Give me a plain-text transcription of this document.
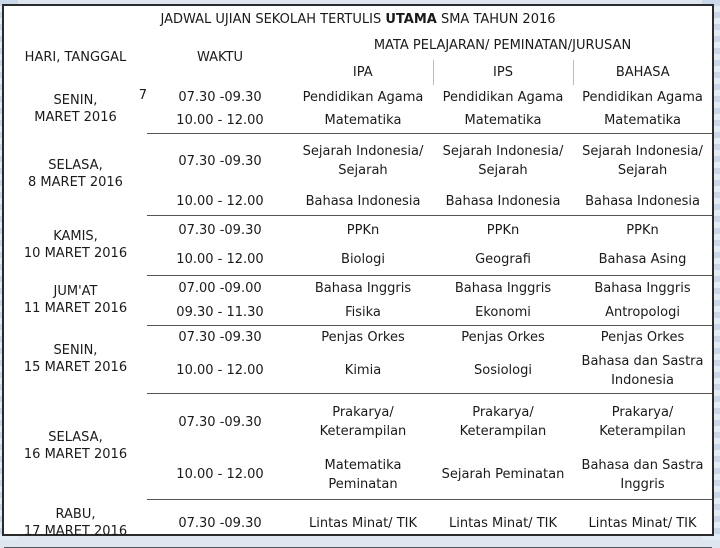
JADWAL UJIAN SEKOLAH TERTULIS UTAMA SMA TAHUN 2016
HARI, TANGGAL	WAKTU	MATA PELAJARAN/ PEMINATAN/JURUSAN		
		IPA	IPS	BAHASA

SENIN,
MARET 2016
7	07.30 -09.30	Pendidikan Agama	Pendidikan Agama	Pendidikan Agama

	10.00 - 12.00	Matematika	Matematika	Matematika

SELASA,
8 MARET 2016	07.30 -09.30	Sejarah Indonesia/ Sejarah	Sejarah Indonesia/ Sejarah	Sejarah Indonesia/ Sejarah

	10.00 - 12.00	Bahasa Indonesia	Bahasa Indonesia	Bahasa Indonesia

KAMIS,
10 MARET 2016	07.30 -09.30	PPKn	PPKn	PPKn

	10.00 - 12.00	Biologi	Geografi	Bahasa Asing

JUM'AT
11 MARET 2016	07.00 -09.00	Bahasa Inggris	Bahasa Inggris	Bahasa Inggris

	09.30 - 11.30	Fisika	Ekonomi	Antropologi

SENIN,
15 MARET 2016	07.30 -09.30	Penjas Orkes	Penjas Orkes	Penjas Orkes

	10.00 - 12.00	Kimia	Sosiologi	Bahasa dan Sastra Indonesia

SELASA,
16 MARET 2016	07.30 -09.30	Prakarya/ Keterampilan	Prakarya/ Keterampilan	Prakarya/ Keterampilan

	10.00 - 12.00	Matematika Peminatan	Sejarah Peminatan	Bahasa dan Sastra Inggris

RABU,
17 MARET 2016	07.30 -09.30	Lintas Minat/ TIK	Lintas Minat/ TIK	Lintas Minat/ TIK
